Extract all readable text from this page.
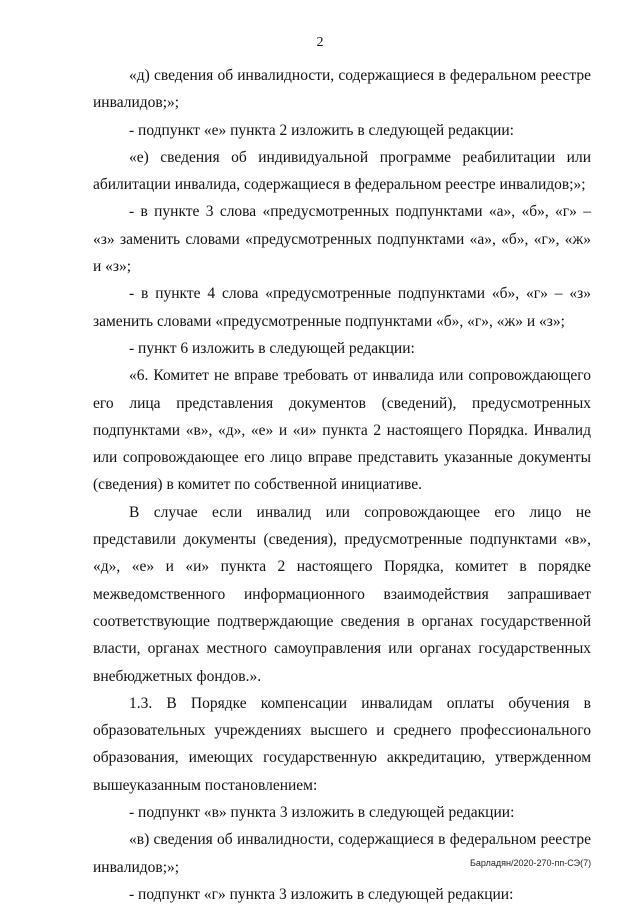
2

«д) сведения об инвалидности, содержащиеся в федеральном реестре инвалидов;»;

- подпункт «е» пункта 2 изложить в следующей редакции:

«е) сведения об индивидуальной программе реабилитации или абилитации инвалида, содержащиеся в федеральном реестре инвалидов;»;

- в пункте 3 слова «предусмотренных подпунктами «а», «б», «г» – «з» заменить словами «предусмотренных подпунктами «а», «б», «г», «ж» и «з»;

- в пункте 4 слова «предусмотренные подпунктами «б», «г» – «з» заменить словами «предусмотренные подпунктами «б», «г», «ж» и «з»;

- пункт 6 изложить в следующей редакции:

«6. Комитет не вправе требовать от инвалида или сопровождающего его лица представления документов (сведений), предусмотренных подпунктами «в», «д», «е» и «и» пункта 2 настоящего Порядка. Инвалид или сопровождающее его лицо вправе представить указанные документы (сведения) в комитет по собственной инициативе.

В случае если инвалид или сопровождающее его лицо не представили документы (сведения), предусмотренные подпунктами «в», «д», «е» и «и» пункта 2 настоящего Порядка, комитет в порядке межведомственного информационного взаимодействия запрашивает соответствующие подтверждающие сведения в органах государственной власти, органах местного самоуправления или органах государственных внебюджетных фондов.».

1.3. В Порядке компенсации инвалидам оплаты обучения в образовательных учреждениях высшего и среднего профессионального образования, имеющих государственную аккредитацию, утвержденном вышеуказанным постановлением:

- подпункт «в» пункта 3 изложить в следующей редакции:

«в) сведения об инвалидности, содержащиеся в федеральном реестре инвалидов;»;

- подпункт «г» пункта 3 изложить в следующей редакции:

Барладян/2020-270-пп-СЭ(7)
